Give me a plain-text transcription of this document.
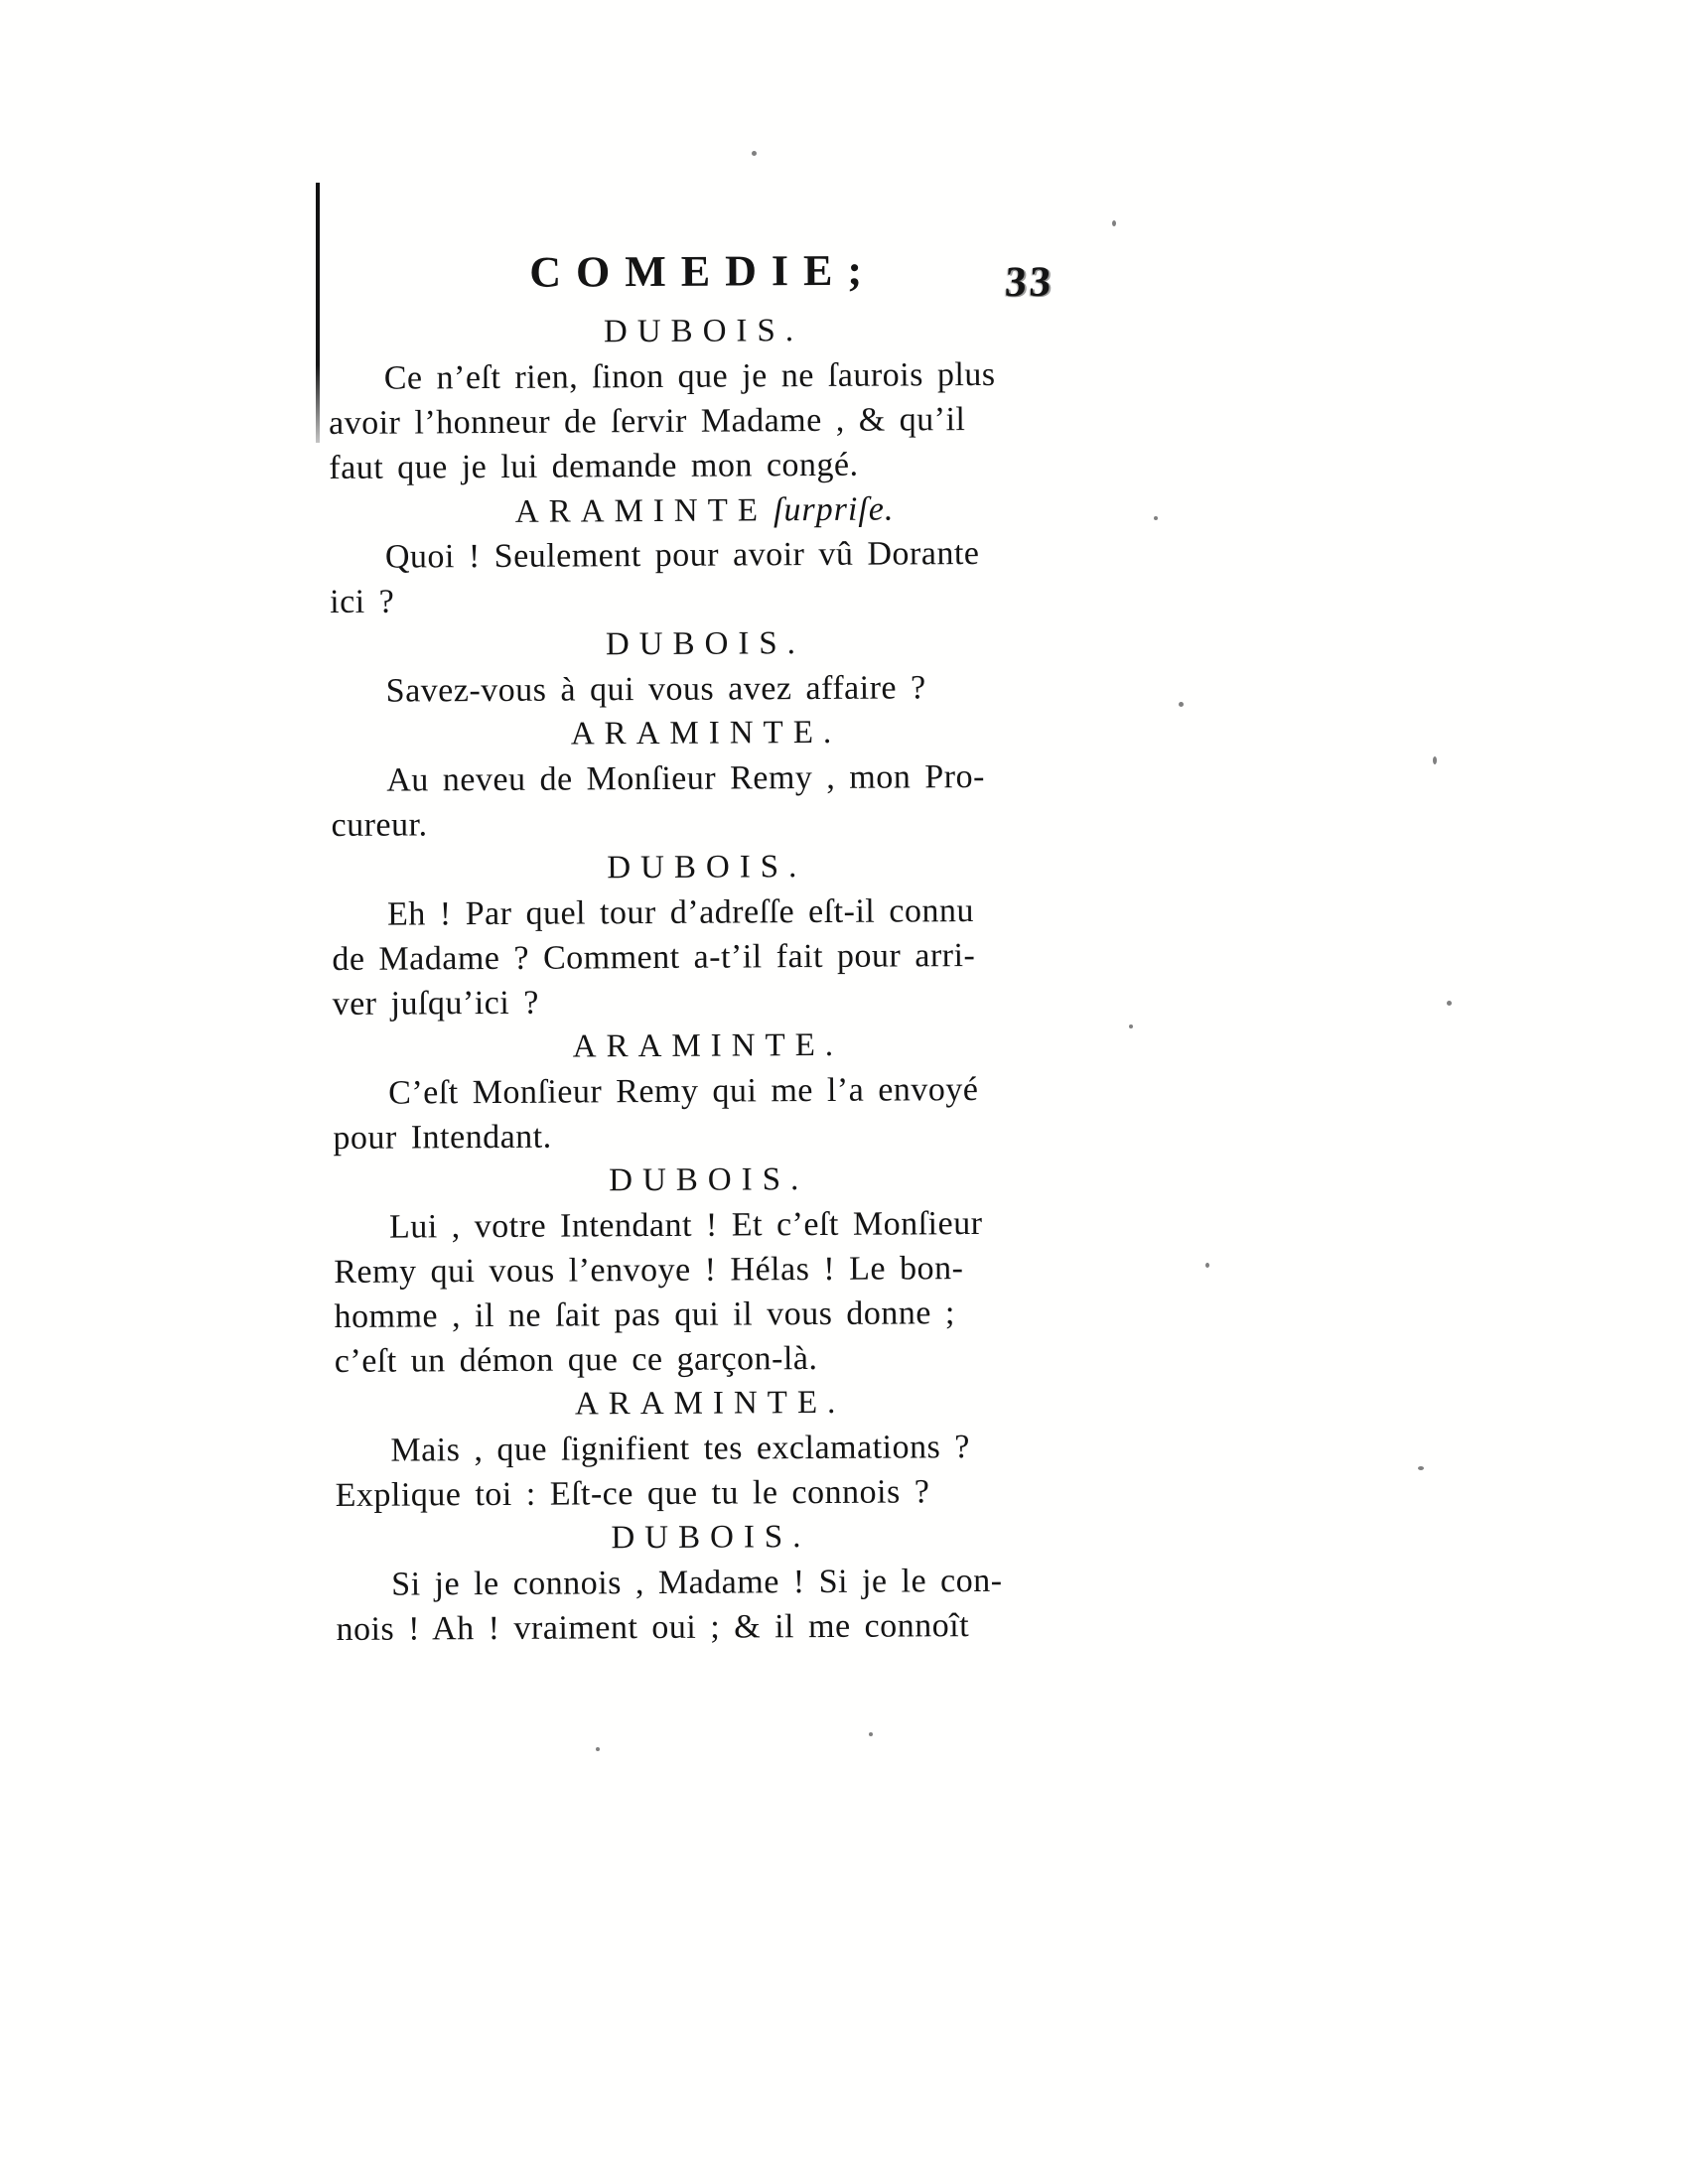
COMEDIE;	33
DUBOIS.
Ce n’eſt rien, ſinon que je ne ſaurois plus
avoir l’honneur de ſervir Madame , & qu’il
faut que je lui demande mon congé.
ARAMINTE ſurpriſe.
Quoi ! Seulement pour avoir vû Dorante
ici ?
DUBOIS.
Savez-vous à qui vous avez affaire ?
ARAMINTE.
Au neveu de Monſieur Remy , mon Pro-
cureur.
DUBOIS.
Eh ! Par quel tour d’adreſſe eſt-il connu
de Madame ? Comment a-t’il fait pour arri-
ver juſqu’ici ?
ARAMINTE.
C’eſt Monſieur Remy qui me l’a envoyé
pour Intendant.
DUBOIS.
Lui , votre Intendant ! Et c’eſt Monſieur
Remy qui vous l’envoye ! Hélas ! Le bon-
homme , il ne ſait pas qui il vous donne ;
c’eſt un démon que ce garçon-là.
ARAMINTE.
Mais , que ſignifient tes exclamations ?
Explique toi : Eſt-ce que tu le connois ?
DUBOIS.
Si je le connois , Madame ! Si je le con-
nois ! Ah ! vraiment oui ; & il me connoît
